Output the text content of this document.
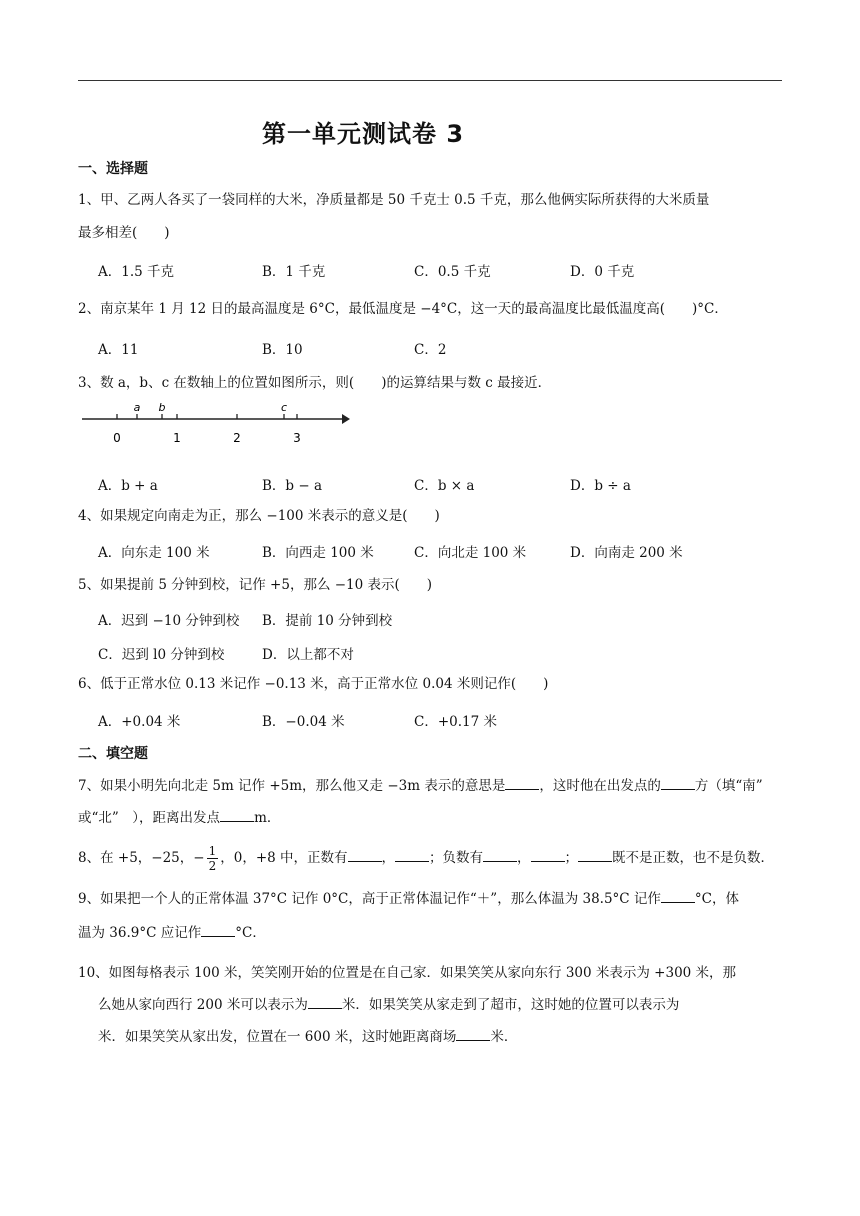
第一单元测试卷 3
一、选择题
1、甲、乙两人各买了一袋同样的大米，净质量都是 50 千克士 0.5 千克，那么他俩实际所获得的大米质量
最多相差(　　)
A．1.5 千克	B．1 千克	C．0.5 千克	D．0 千克
2、南京某年 1 月 12 日的最高温度是 6°C，最低温度是 −4°C，这一天的最高温度比最低温度高(　　)°C．
A．11	B．10	C．2
3、数 a，b、c 在数轴上的位置如图所示，则(　　)的运算结果与数 c 最接近．
a b	c
0	1	2	3
A．b + a	B．b − a	C．b × a	D．b ÷ a
4、如果规定向南走为正，那么 −100 米表示的意义是(　　)
A．向东走 100 米	B．向西走 100 米	C．向北走 100 米	D．向南走 200 米
5、如果提前 5 分钟到校，记作 +5，那么 −10 表示(　　)
A．迟到 −10 分钟到校 B．提前 10 分钟到校
C．迟到 l0 分钟到校	D．以上都不对
6、低于正常水位 0.13 米记作 −0.13 米，高于正常水位 0.04 米则记作(　　)
A．+0.04 米	B．−0.04 米	C．+0.17 米
二、填空题
7、如果小明先向北走 5m 记作 +5m，那么他又走 −3m 表示的意思是	，这时他在出发点的	方（填“南”
或“北”　），距离出发点	m．
8、在 +5，−25，− $\frac{1}{2}$ ，0，+8 中，正数有	，	；负数有	，	；	既不是正数，也不是负数．
9、如果把一个人的正常体温 37°C 记作 0°C，高于正常体温记作“＋”，那么体温为 38.5°C 记作	°C，体
温为 36.9°C 应记作	°C．
10、如图每格表示 100 米，笑笑刚开始的位置是在自己家．如果笑笑从家向东行 300 米表示为 +300 米，那
么她从家向西行 200 米可以表示为	米．如果笑笑从家走到了超市，这时她的位置可以表示为
米．如果笑笑从家出发，位置在一 600 米，这时她距离商场	米．
